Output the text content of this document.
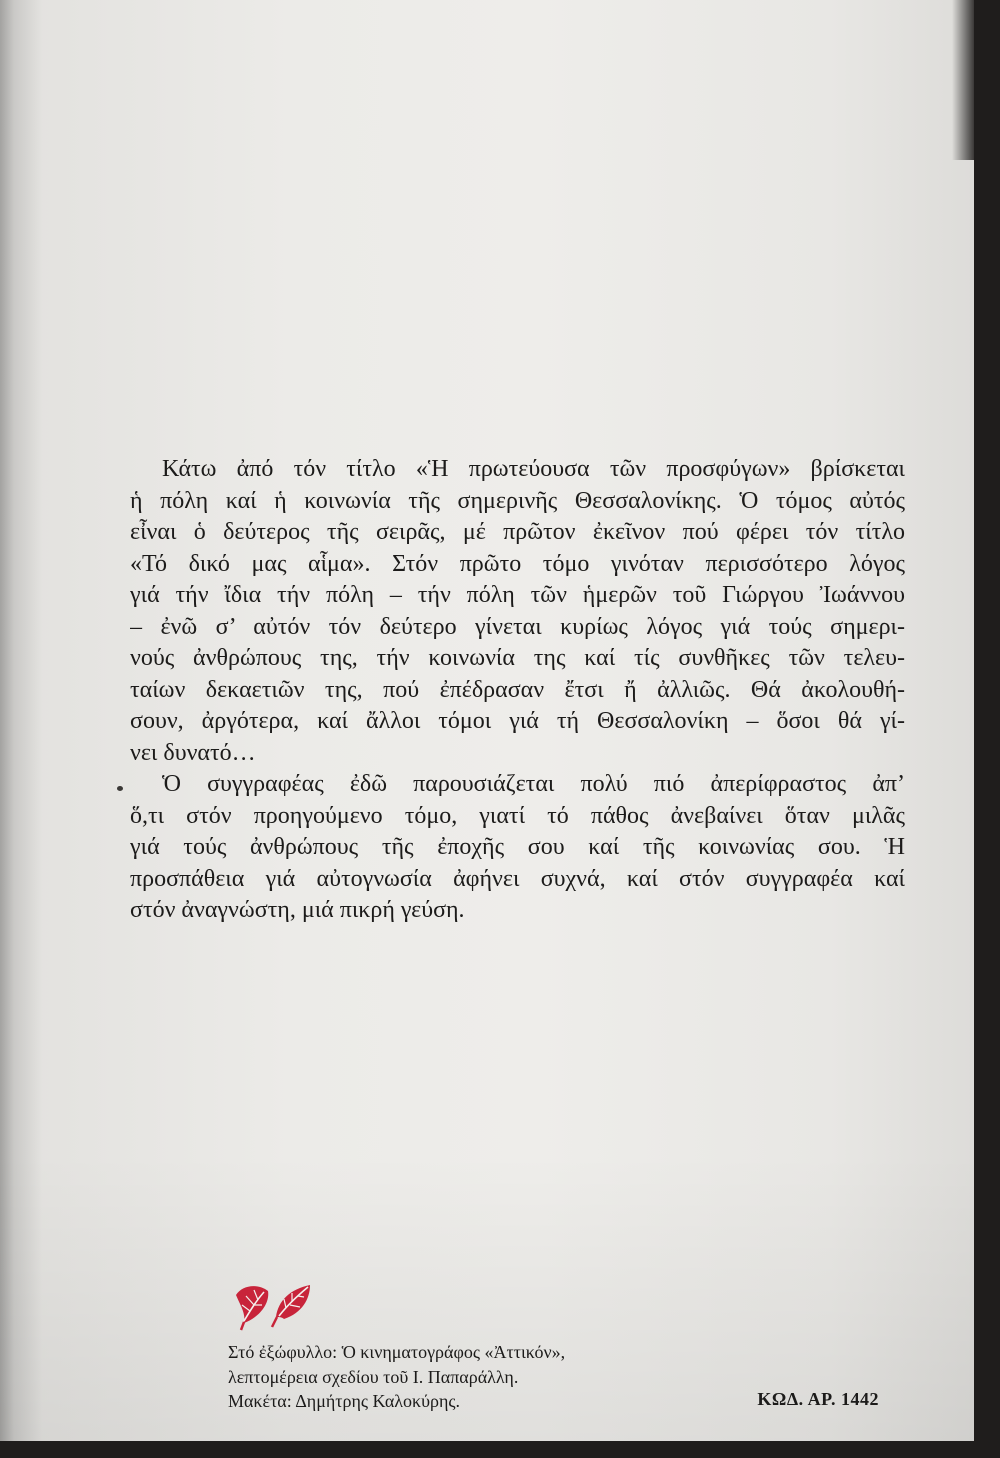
Κάτω ἀπό τόν τίτλο «Ἡ πρωτεύουσα τῶν προσφύγων» βρίσκεται
ἡ πόλη καί ἡ κοινωνία τῆς σημερινῆς Θεσσαλονίκης. Ὁ τόμος αὐτός
εἶναι ὁ δεύτερος τῆς σειρᾶς, μέ πρῶτον ἐκεῖνον πού φέρει τόν τίτλο
«Τό δικό μας αἷμα». Στόν πρῶτο τόμο γινόταν περισσότερο λόγος
γιά τήν ἴδια τήν πόλη – τήν πόλη τῶν ἡμερῶν τοῦ Γιώργου Ἰωάννου
– ἐνῶ σ’ αὐτόν τόν δεύτερο γίνεται κυρίως λόγος γιά τούς σημερι-
νούς ἀνθρώπους της, τήν κοινωνία της καί τίς συνθῆκες τῶν τελευ-
ταίων δεκαετιῶν της, πού ἐπέδρασαν ἔτσι ἤ ἀλλιῶς. Θά ἀκολουθή-
σουν, ἀργότερα, καί ἄλλοι τόμοι γιά τή Θεσσαλονίκη – ὅσοι θά γί-
νει δυνατό…
Ὁ συγγραφέας ἐδῶ παρουσιάζεται πολύ πιό ἀπερίφραστος ἀπ’
ὅ,τι στόν προηγούμενο τόμο, γιατί τό πάθος ἀνεβαίνει ὅταν μιλᾶς
γιά τούς ἀνθρώπους τῆς ἐποχῆς σου καί τῆς κοινωνίας σου. Ἡ
προσπάθεια γιά αὐτογνωσία ἀφήνει συχνά, καί στόν συγγραφέα καί
στόν ἀναγνώστη, μιά πικρή γεύση.
Στό ἐξώφυλλο: Ὁ κινηματογράφος «Ἀττικόν»,
λεπτομέρεια σχεδίου τοῦ Ι. Παπαράλλη.
Μακέτα: Δημήτρης Καλοκύρης.	ΚΩΔ. ΑΡ. 1442
